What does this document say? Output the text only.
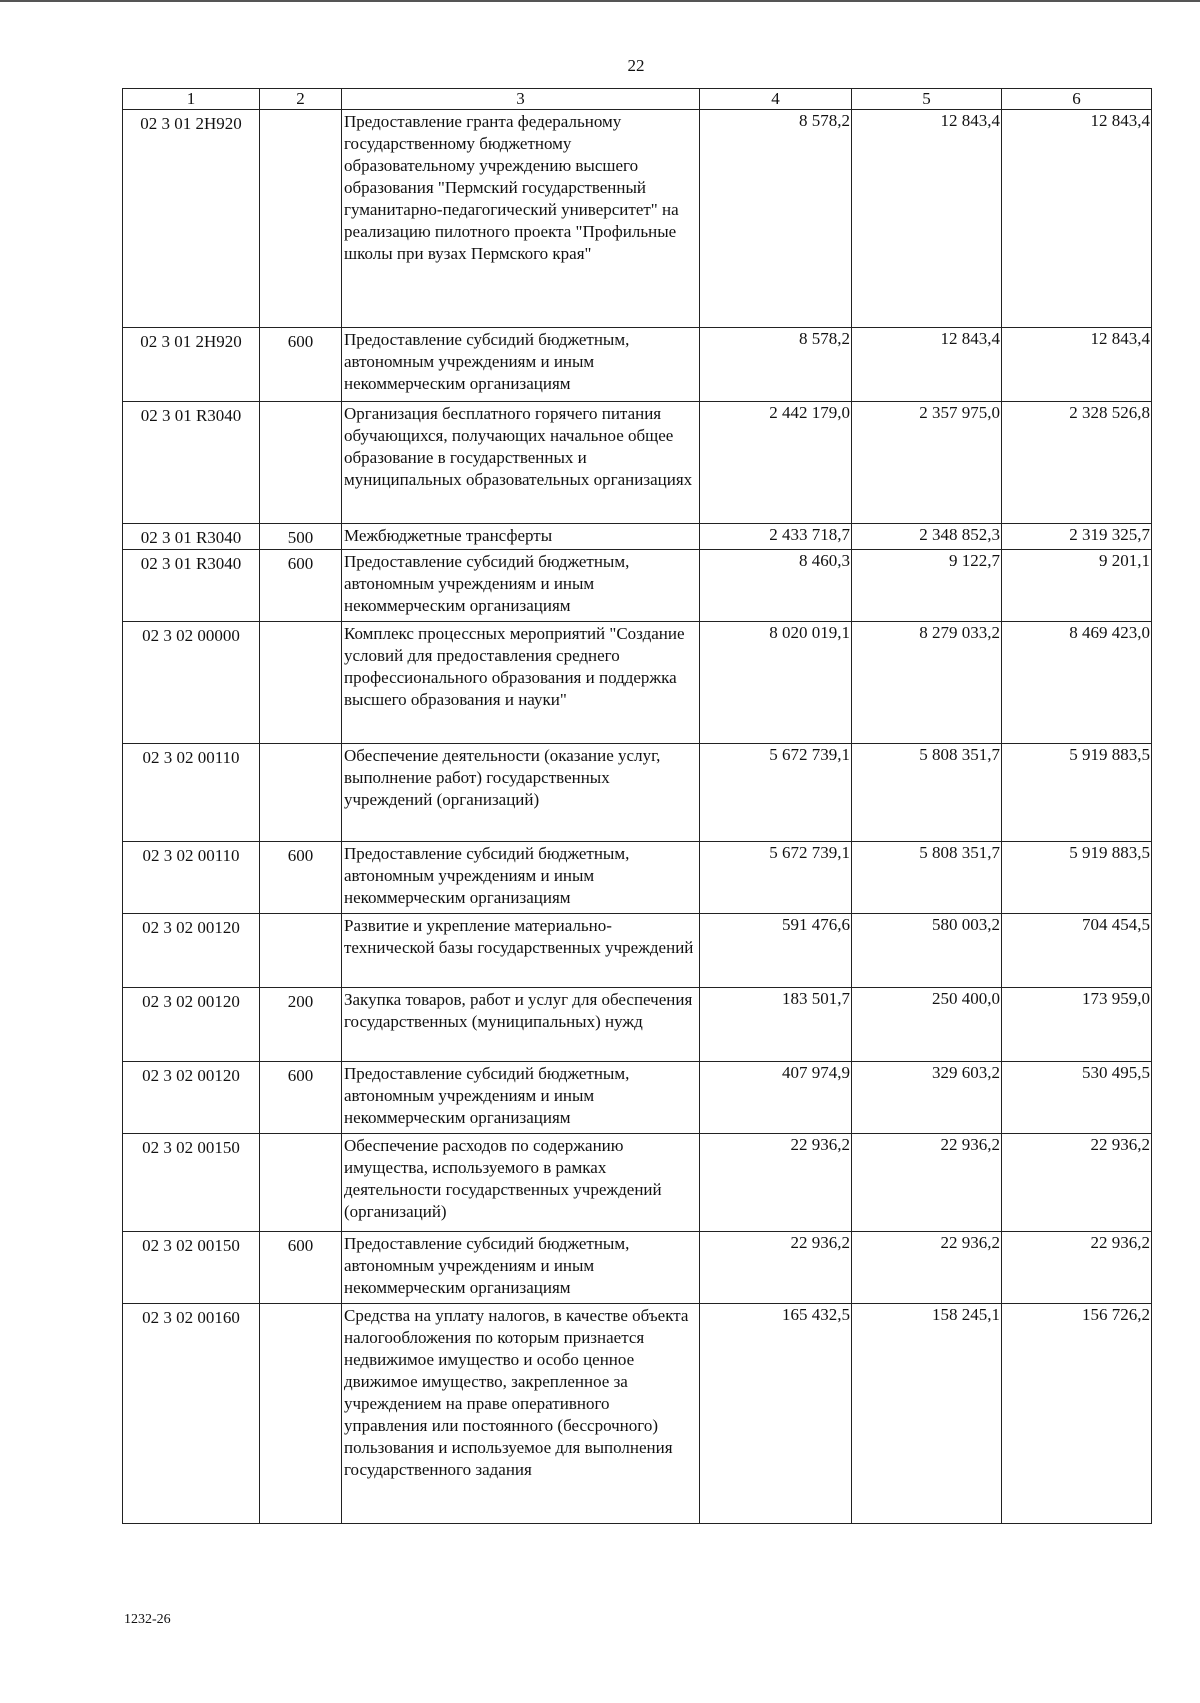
22
1	2	3	4	5	6
02 3 01 2Н920		Предоставление гранта федеральному государственному бюджетному образовательному учреждению высшего образования "Пермский государственный гуманитарно-педагогический университет" на реализацию пилотного проекта "Профильные школы при вузах Пермского края"	8 578,2	12 843,4	12 843,4
02 3 01 2Н920	600	Предоставление субсидий бюджетным, автономным учреждениям и иным некоммерческим организациям	8 578,2	12 843,4	12 843,4
02 3 01 R3040		Организация бесплатного горячего питания обучающихся, получающих начальное общее образование в государственных и муниципальных образовательных организациях	2 442 179,0	2 357 975,0	2 328 526,8
02 3 01 R3040	500	Межбюджетные трансферты	2 433 718,7	2 348 852,3	2 319 325,7
02 3 01 R3040	600	Предоставление субсидий бюджетным, автономным учреждениям и иным некоммерческим организациям	8 460,3	9 122,7	9 201,1
02 3 02 00000		Комплекс процессных мероприятий "Создание условий для предоставления среднего профессионального образования и поддержка высшего образования и науки"	8 020 019,1	8 279 033,2	8 469 423,0
02 3 02 00110		Обеспечение деятельности (оказание услуг, выполнение работ) государственных учреждений (организаций)	5 672 739,1	5 808 351,7	5 919 883,5
02 3 02 00110	600	Предоставление субсидий бюджетным, автономным учреждениям и иным некоммерческим организациям	5 672 739,1	5 808 351,7	5 919 883,5
02 3 02 00120		Развитие и укрепление материально-технической базы государственных учреждений	591 476,6	580 003,2	704 454,5
02 3 02 00120	200	Закупка товаров, работ и услуг для обеспечения государственных (муниципальных) нужд	183 501,7	250 400,0	173 959,0
02 3 02 00120	600	Предоставление субсидий бюджетным, автономным учреждениям и иным некоммерческим организациям	407 974,9	329 603,2	530 495,5
02 3 02 00150		Обеспечение расходов по содержанию имущества, используемого в рамках деятельности государственных учреждений (организаций)	22 936,2	22 936,2	22 936,2
02 3 02 00150	600	Предоставление субсидий бюджетным, автономным учреждениям и иным некоммерческим организациям	22 936,2	22 936,2	22 936,2
02 3 02 00160		Средства на уплату налогов, в качестве объекта налогообложения по которым признается недвижимое имущество и особо ценное движимое имущество, закрепленное за учреждением на праве оперативного управления или постоянного (бессрочного) пользования и используемое для выполнения государственного задания	165 432,5	158 245,1	156 726,2
1232-26
